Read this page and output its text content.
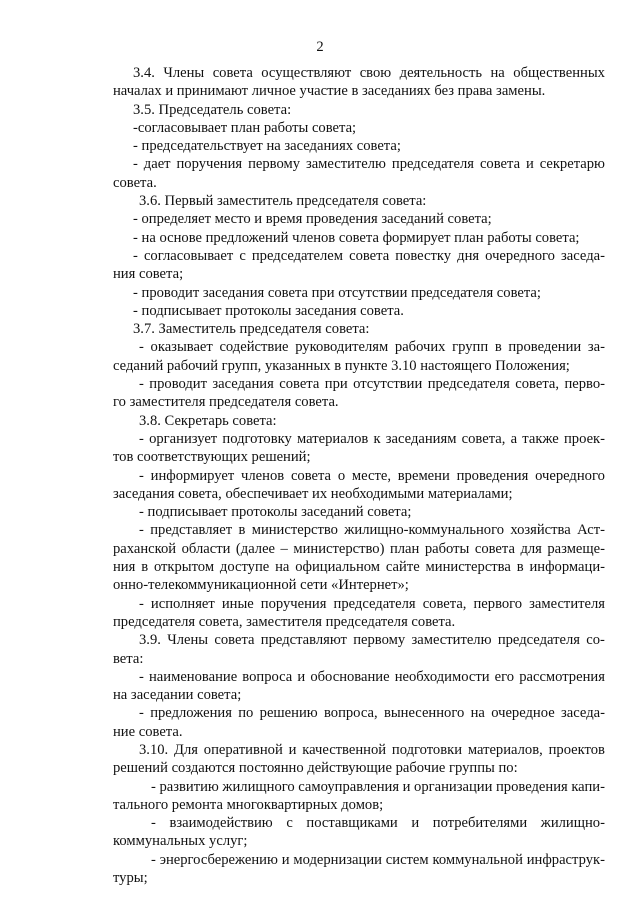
2
3.4. Члены совета осуществляют свою деятельность на общественных
началах и принимают личное участие в заседаниях без права замены.
3.5. Председатель совета:
-согласовывает план работы совета;
- председательствует на заседаниях совета;
- дает поручения первому заместителю председателя совета и секретарю
совета.
3.6. Первый заместитель председателя совета:
- определяет место и время проведения заседаний совета;
- на основе предложений членов совета формирует план работы совета;
- согласовывает с председателем совета повестку дня очередного заседа-
ния совета;
- проводит заседания совета при отсутствии председателя совета;
- подписывает протоколы заседания совета.
3.7. Заместитель председателя совета:
- оказывает содействие руководителям рабочих групп в проведении за-
седаний рабочий групп, указанных в пункте 3.10 настоящего Положения;
- проводит заседания совета при отсутствии председателя совета, перво-
го заместителя председателя совета.
3.8. Секретарь совета:
- организует подготовку материалов к заседаниям совета, а также проек-
тов соответствующих решений;
- информирует членов совета о месте, времени проведения очередного
заседания совета, обеспечивает их необходимыми материалами;
- подписывает протоколы заседаний совета;
- представляет в министерство жилищно-коммунального хозяйства Аст-
раханской области (далее – министерство) план работы совета для размеще-
ния в открытом доступе на официальном сайте министерства в информаци-
онно-телекоммуникационной сети «Интернет»;
- исполняет иные поручения председателя совета, первого заместителя
председателя совета, заместителя председателя совета.
3.9. Члены совета представляют первому заместителю председателя со-
вета:
- наименование вопроса и обоснование необходимости его рассмотрения
на заседании совета;
- предложения по решению вопроса, вынесенного на очередное заседа-
ние совета.
3.10. Для оперативной и качественной подготовки материалов, проектов
решений создаются постоянно действующие рабочие группы по:
- развитию жилищного самоуправления и организации проведения капи-
тального ремонта многоквартирных домов;
- взаимодействию с поставщиками и потребителями жилищно-
коммунальных услуг;
- энергосбережению и модернизации систем коммунальной инфраструк-
туры;
